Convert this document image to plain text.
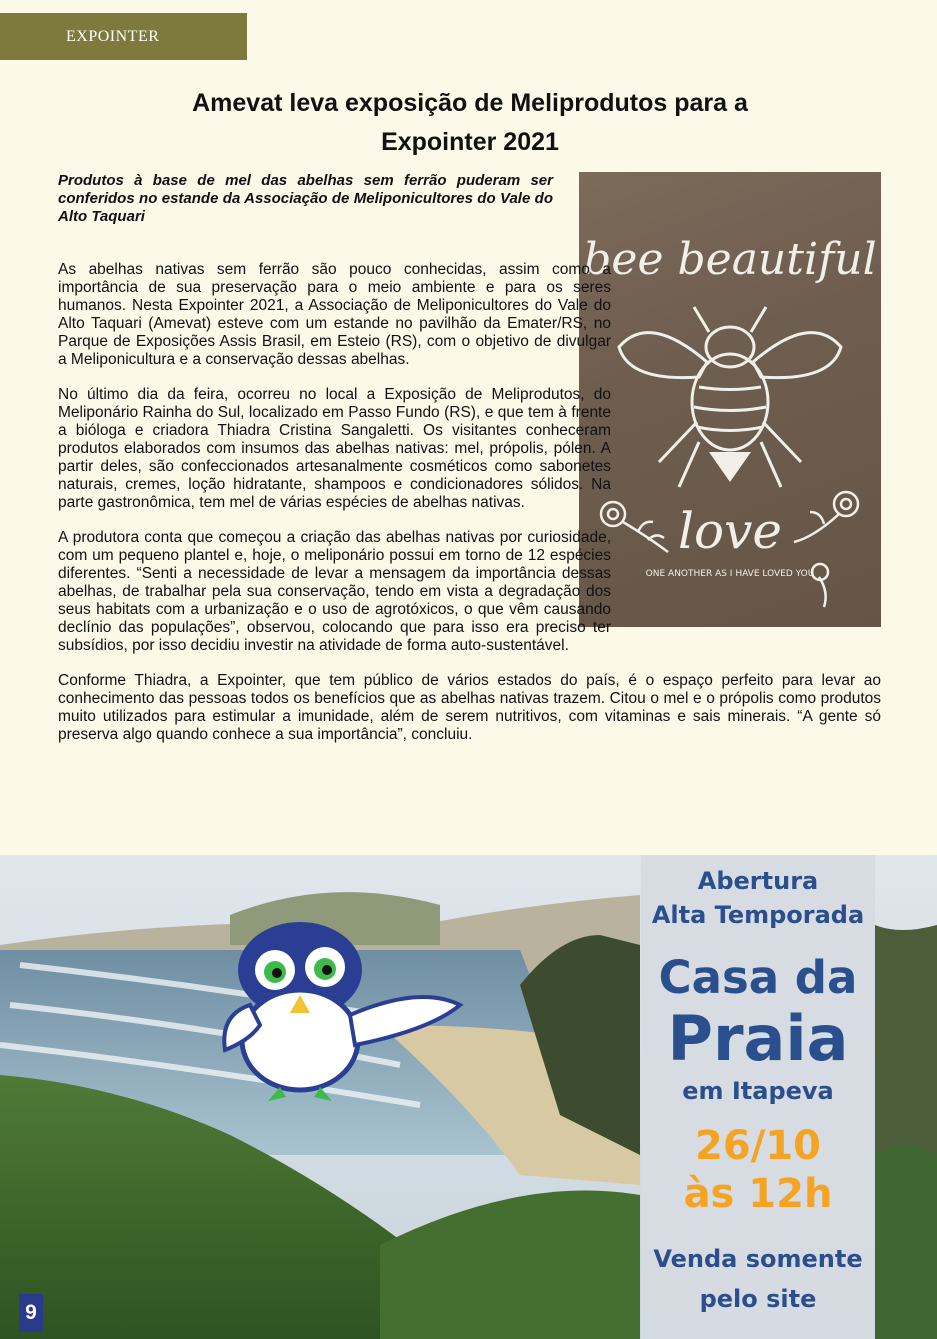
EXPOINTER
Amevat leva exposição de Meliprodutos para a
Expointer 2021

Produtos à base de mel das abelhas sem ferrão puderam ser conferidos no estande da Associação de Meliponicultores do Vale do Alto Taquari

bee beautiful
love
ONE ANOTHER AS I HAVE LOVED YOU

As abelhas nativas sem ferrão são pouco conhecidas, assim como a importância de sua preservação para o meio ambiente e para os seres humanos. Nesta Expointer 2021, a Associação de Meliponicultores do Vale do Alto Taquari (Amevat) esteve com um estande no pavilhão da Emater/RS, no Parque de Exposições Assis Brasil, em Esteio (RS), com o objetivo de divulgar a Meliponicultura e a conservação dessas abelhas.

No último dia da feira, ocorreu no local a Exposição de Meliprodutos, do Meliponário Rainha do Sul, localizado em Passo Fundo (RS), e que tem à frente a bióloga e criadora Thiadra Cristina Sangaletti. Os visitantes conheceram produtos elaborados com insumos das abelhas nativas: mel, própolis, pólen. A partir deles, são confeccionados artesanalmente cosméticos como sabonetes naturais, cremes, loção hidratante, shampoos e condicionadores sólidos. Na parte gastronômica, tem mel de várias espécies de abelhas nativas.

A produtora conta que começou a criação das abelhas nativas por curiosidade, com um pequeno plantel e, hoje, o meliponário possui em torno de 12 espécies diferentes. “Senti a necessidade de levar a mensagem da importância dessas abelhas, de trabalhar pela sua conservação, tendo em vista a degradação dos seus habitats com a urbanização e o uso de agrotóxicos, o que vêm causando declínio das populações”, observou, colocando que para isso era preciso ter subsídios, por isso decidiu investir na atividade de forma auto-sustentável.

Conforme Thiadra, a Expointer, que tem público de vários estados do país, é o espaço perfeito para levar ao conhecimento das pessoas todos os benefícios que as abelhas nativas trazem. Citou o mel e o própolis como produtos muito utilizados para estimular a imunidade, além de serem nutritivos, com vitaminas e sais minerais. “A gente só preserva algo quando conhece a sua importância”, concluiu.

Abertura
Alta Temporada
Casa da
Praia
em Itapeva
26/10
às 12h
Venda somente
pelo site
9
